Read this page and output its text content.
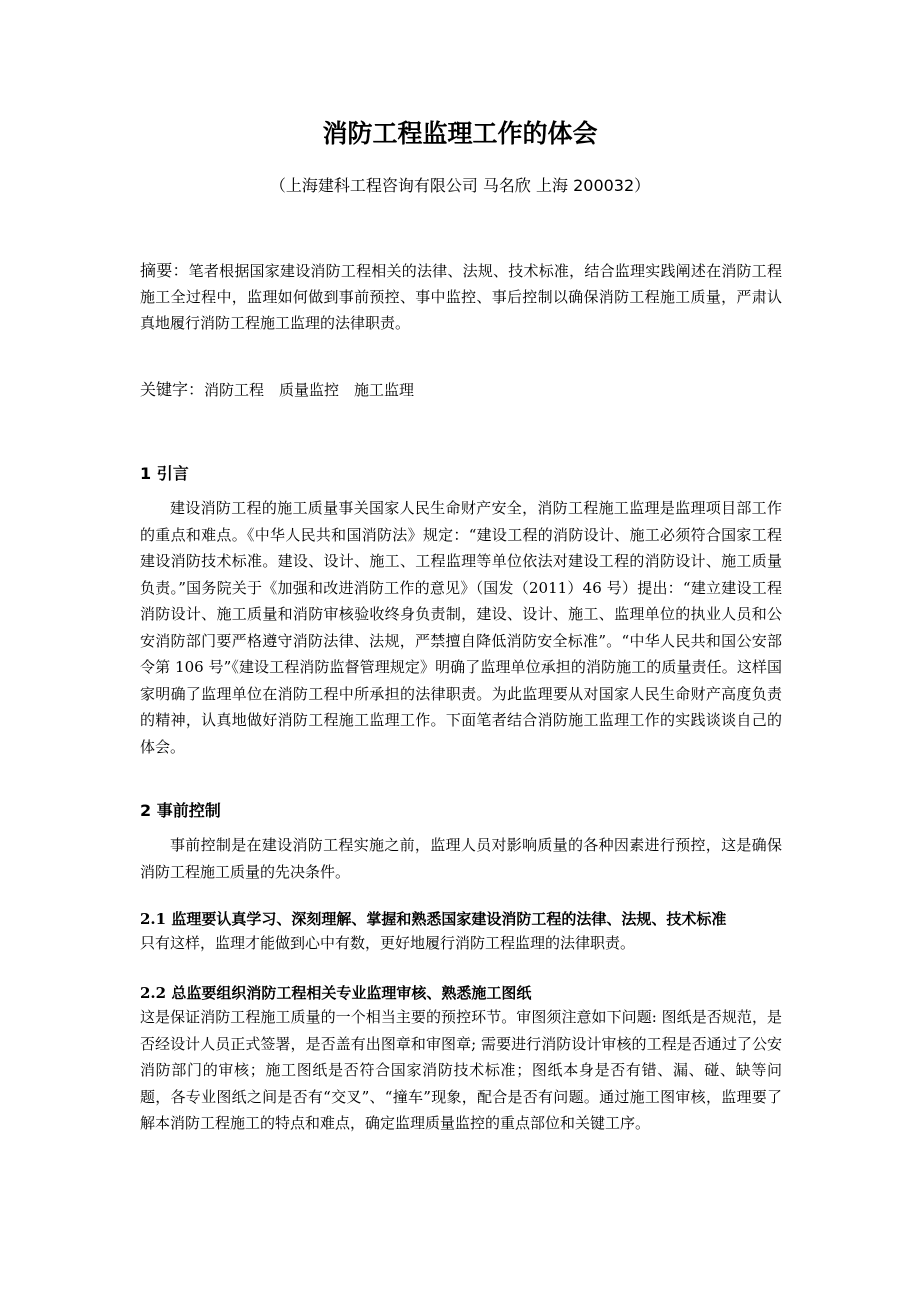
消防工程监理工作的体会

（上海建科工程咨询有限公司 马名欣 上海 200032）

摘要：笔者根据国家建设消防工程相关的法律、法规、技术标准，结合监理实践阐述在消防工程施工全过程中，监理如何做到事前预控、事中监控、事后控制以确保消防工程施工质量，严肃认真地履行消防工程施工监理的法律职责。

关键字：消防工程 质量监控 施工监理

1 引言

建设消防工程的施工质量事关国家人民生命财产安全，消防工程施工监理是监理项目部工作的重点和难点。《中华人民共和国消防法》规定：“建设工程的消防设计、施工必须符合国家工程建设消防技术标准。建设、设计、施工、工程监理等单位依法对建设工程的消防设计、施工质量负责。”国务院关于《加强和改进消防工作的意见》（国发（2011）46 号）提出：“建立建设工程消防设计、施工质量和消防审核验收终身负责制，建设、设计、施工、监理单位的执业人员和公安消防部门要严格遵守消防法律、法规，严禁擅自降低消防安全标准”。“中华人民共和国公安部令第 106 号”《建设工程消防监督管理规定》明确了监理单位承担的消防施工的质量责任。这样国家明确了监理单位在消防工程中所承担的法律职责。为此监理要从对国家人民生命财产高度负责的精神，认真地做好消防工程施工监理工作。下面笔者结合消防施工监理工作的实践谈谈自己的体会。

2 事前控制

事前控制是在建设消防工程实施之前，监理人员对影响质量的各种因素进行预控，这是确保消防工程施工质量的先决条件。

2.1 监理要认真学习、深刻理解、掌握和熟悉国家建设消防工程的法律、法规、技术标准

只有这样，监理才能做到心中有数，更好地履行消防工程监理的法律职责。

2.2 总监要组织消防工程相关专业监理审核、熟悉施工图纸

这是保证消防工程施工质量的一个相当主要的预控环节。审图须注意如下问题: 图纸是否规范，是否经设计人员正式签署，是否盖有出图章和审图章; 需要进行消防设计审核的工程是否通过了公安消防部门的审核；施工图纸是否符合国家消防技术标准；图纸本身是否有错、漏、碰、缺等问题，各专业图纸之间是否有“交叉”、“撞车”现象，配合是否有问题。通过施工图审核，监理要了解本消防工程施工的特点和难点，确定监理质量监控的重点部位和关键工序。
